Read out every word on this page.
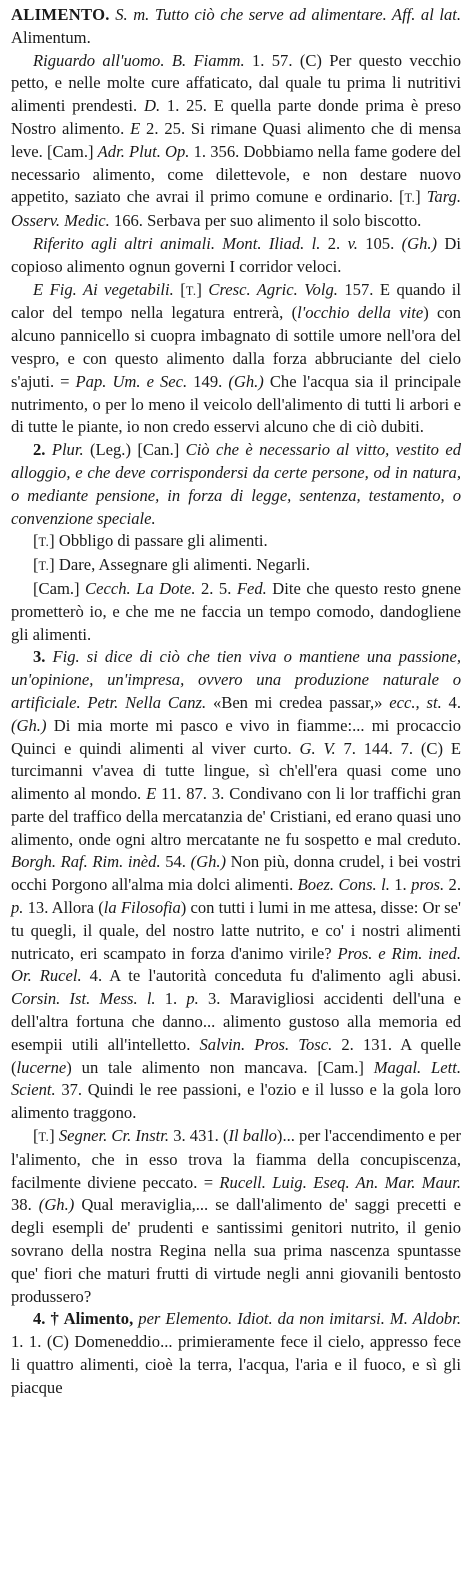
ALIMENTO. S. m. Tutto ciò che serve ad alimentare. Aff. al lat. Alimentum.

Riguardo all'uomo. B. Fiamm. 1. 57. (C) Per questo vecchio petto, e nelle molte cure affaticato, dal quale tu prima li nutritivi alimenti prendesti. D. 1. 25. E quella parte donde prima è preso Nostro alimento. E 2. 25. Si rimane Quasi alimento che di mensa leve. [Cam.] Adr. Plut. Op. 1. 356. Dobbiamo nella fame godere del necessario alimento, come dilettevole, e non destare nuovo appetito, saziato che avrai il primo comune e ordinario. [T.] Targ. Osserv. Medic. 166. Serbava per suo alimento il solo biscotto.

Riferito agli altri animali. Mont. Iliad. l. 2. v. 105. (Gh.) Di copioso alimento ognun governi I corridor veloci.

E Fig. Ai vegetabili. [T.] Cresc. Agric. Volg. 157. E quando il calor del tempo nella legatura entrerà, (l'occhio della vite) con alcuno pannicello si cuopra imbagnato di sottile umore nell'ora del vespro, e con questo alimento dalla forza abbruciante del cielo s'ajuti. = Pap. Um. e Sec. 149. (Gh.) Che l'acqua sia il principale nutrimento, o per lo meno il veicolo dell'alimento di tutti li arbori e di tutte le piante, io non credo esservi alcuno che di ciò dubiti.

2. Plur. (Leg.) [Can.] Ciò che è necessario al vitto, vestito ed alloggio, e che deve corrispondersi da certe persone, od in natura, o mediante pensione, in forza di legge, sentenza, testamento, o convenzione speciale.

[T.] Obbligo di passare gli alimenti.

[T.] Dare, Assegnare gli alimenti. Negarli.

[Cam.] Cecch. La Dote. 2. 5. Fed. Dite che questo resto gnene prometterò io, e che me ne faccia un tempo comodo, dandogliene gli alimenti.

3. Fig. si dice di ciò che tien viva o mantiene una passione, un'opinione, un'impresa, ovvero una produzione naturale o artificiale. Petr. Nella Canz. «Ben mi credea passar,» ecc., st. 4. (Gh.) Di mia morte mi pasco e vivo in fiamme:... mi procaccio Quinci e quindi alimenti al viver curto. G. V. 7. 144. 7. (C) E turcimanni v'avea di tutte lingue, sì ch'ell'era quasi come uno alimento al mondo. E 11. 87. 3. Condivano con li lor traffichi gran parte del traffico della mercatanzia de' Cristiani, ed erano quasi uno alimento, onde ogni altro mercatante ne fu sospetto e mal creduto. Borgh. Raf. Rim. inèd. 54. (Gh.) Non più, donna crudel, i bei vostri occhi Porgono all'alma mia dolci alimenti. Boez. Cons. l. 1. pros. 2. p. 13. Allora (la Filosofia) con tutti i lumi in me attesa, disse: Or se' tu quegli, il quale, del nostro latte nutrito, e co' i nostri alimenti nutricato, eri scampato in forza d'animo virile? Pros. e Rim. ined. Or. Rucel. 4. A te l'autorità conceduta fu d'alimento agli abusi. Corsin. Ist. Mess. l. 1. p. 3. Maravigliosi accidenti dell'una e dell'altra fortuna che danno... alimento gustoso alla memoria ed esempii utili all'intelletto. Salvin. Pros. Tosc. 2. 131. A quelle (lucerne) un tale alimento non mancava. [Cam.] Magal. Lett. Scient. 37. Quindi le ree passioni, e l'ozio e il lusso e la gola loro alimento traggono.

[T.] Segner. Cr. Instr. 3. 431. (Il ballo)... per l'accendimento e per l'alimento, che in esso trova la fiamma della concupiscenza, facilmente diviene peccato. = Rucell. Luig. Eseq. An. Mar. Maur. 38. (Gh.) Qual meraviglia,... se dall'alimento de' saggi precetti e degli esempli de' prudenti e santissimi genitori nutrito, il genio sovrano della nostra Regina nella sua prima nascenza spuntasse que' fiori che maturi frutti di virtude negli anni giovanili bentosto produssero?

4. † Alimento, per Elemento. Idiot. da non imitarsi. M. Aldobr. 1. 1. (C) Domeneddio... primieramente fece il cielo, appresso fece li quattro alimenti, cioè la terra, l'acqua, l'aria e il fuoco, e sì gli piacque
